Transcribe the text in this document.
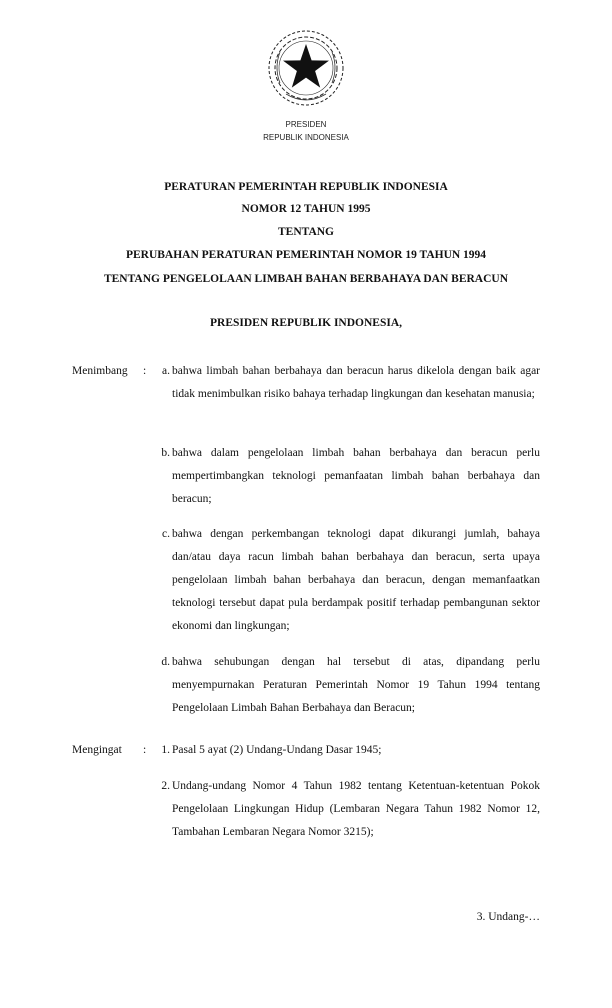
PRESIDEN
REPUBLIK INDONESIA
PERATURAN PEMERINTAH REPUBLIK INDONESIA
NOMOR 12 TAHUN 1995
TENTANG
PERUBAHAN PERATURAN PEMERINTAH NOMOR 19 TAHUN 1994
TENTANG PENGELOLAAN LIMBAH BAHAN BERBAHAYA DAN BERACUN
PRESIDEN REPUBLIK INDONESIA,
Menimbang :	a. bahwa limbah bahan berbahaya dan beracun harus dikelola dengan baik agar tidak menimbulkan risiko bahaya terhadap lingkungan dan kesehatan manusia;
b. bahwa dalam pengelolaan limbah bahan berbahaya dan beracun perlu mempertimbangkan teknologi pemanfaatan limbah bahan berbahaya dan beracun;
c. bahwa dengan perkembangan teknologi dapat dikurangi jumlah, bahaya dan/atau daya racun limbah bahan berbahaya dan beracun, serta upaya pengelolaan limbah bahan berbahaya dan beracun, dengan memanfaatkan teknologi tersebut dapat pula berdampak positif terhadap pembangunan sektor ekonomi dan lingkungan;
d. bahwa sehubungan dengan hal tersebut di atas, dipandang perlu menyempurnakan Peraturan Pemerintah Nomor 19 Tahun 1994 tentang Pengelolaan Limbah Bahan Berbahaya dan Beracun;
Mengingat :	1. Pasal 5 ayat (2) Undang-Undang Dasar 1945;
2. Undang-undang Nomor 4 Tahun 1982 tentang Ketentuan-ketentuan Pokok Pengelolaan Lingkungan Hidup (Lembaran Negara Tahun 1982 Nomor 12, Tambahan Lembaran Negara Nomor 3215);
3. Undang-…
